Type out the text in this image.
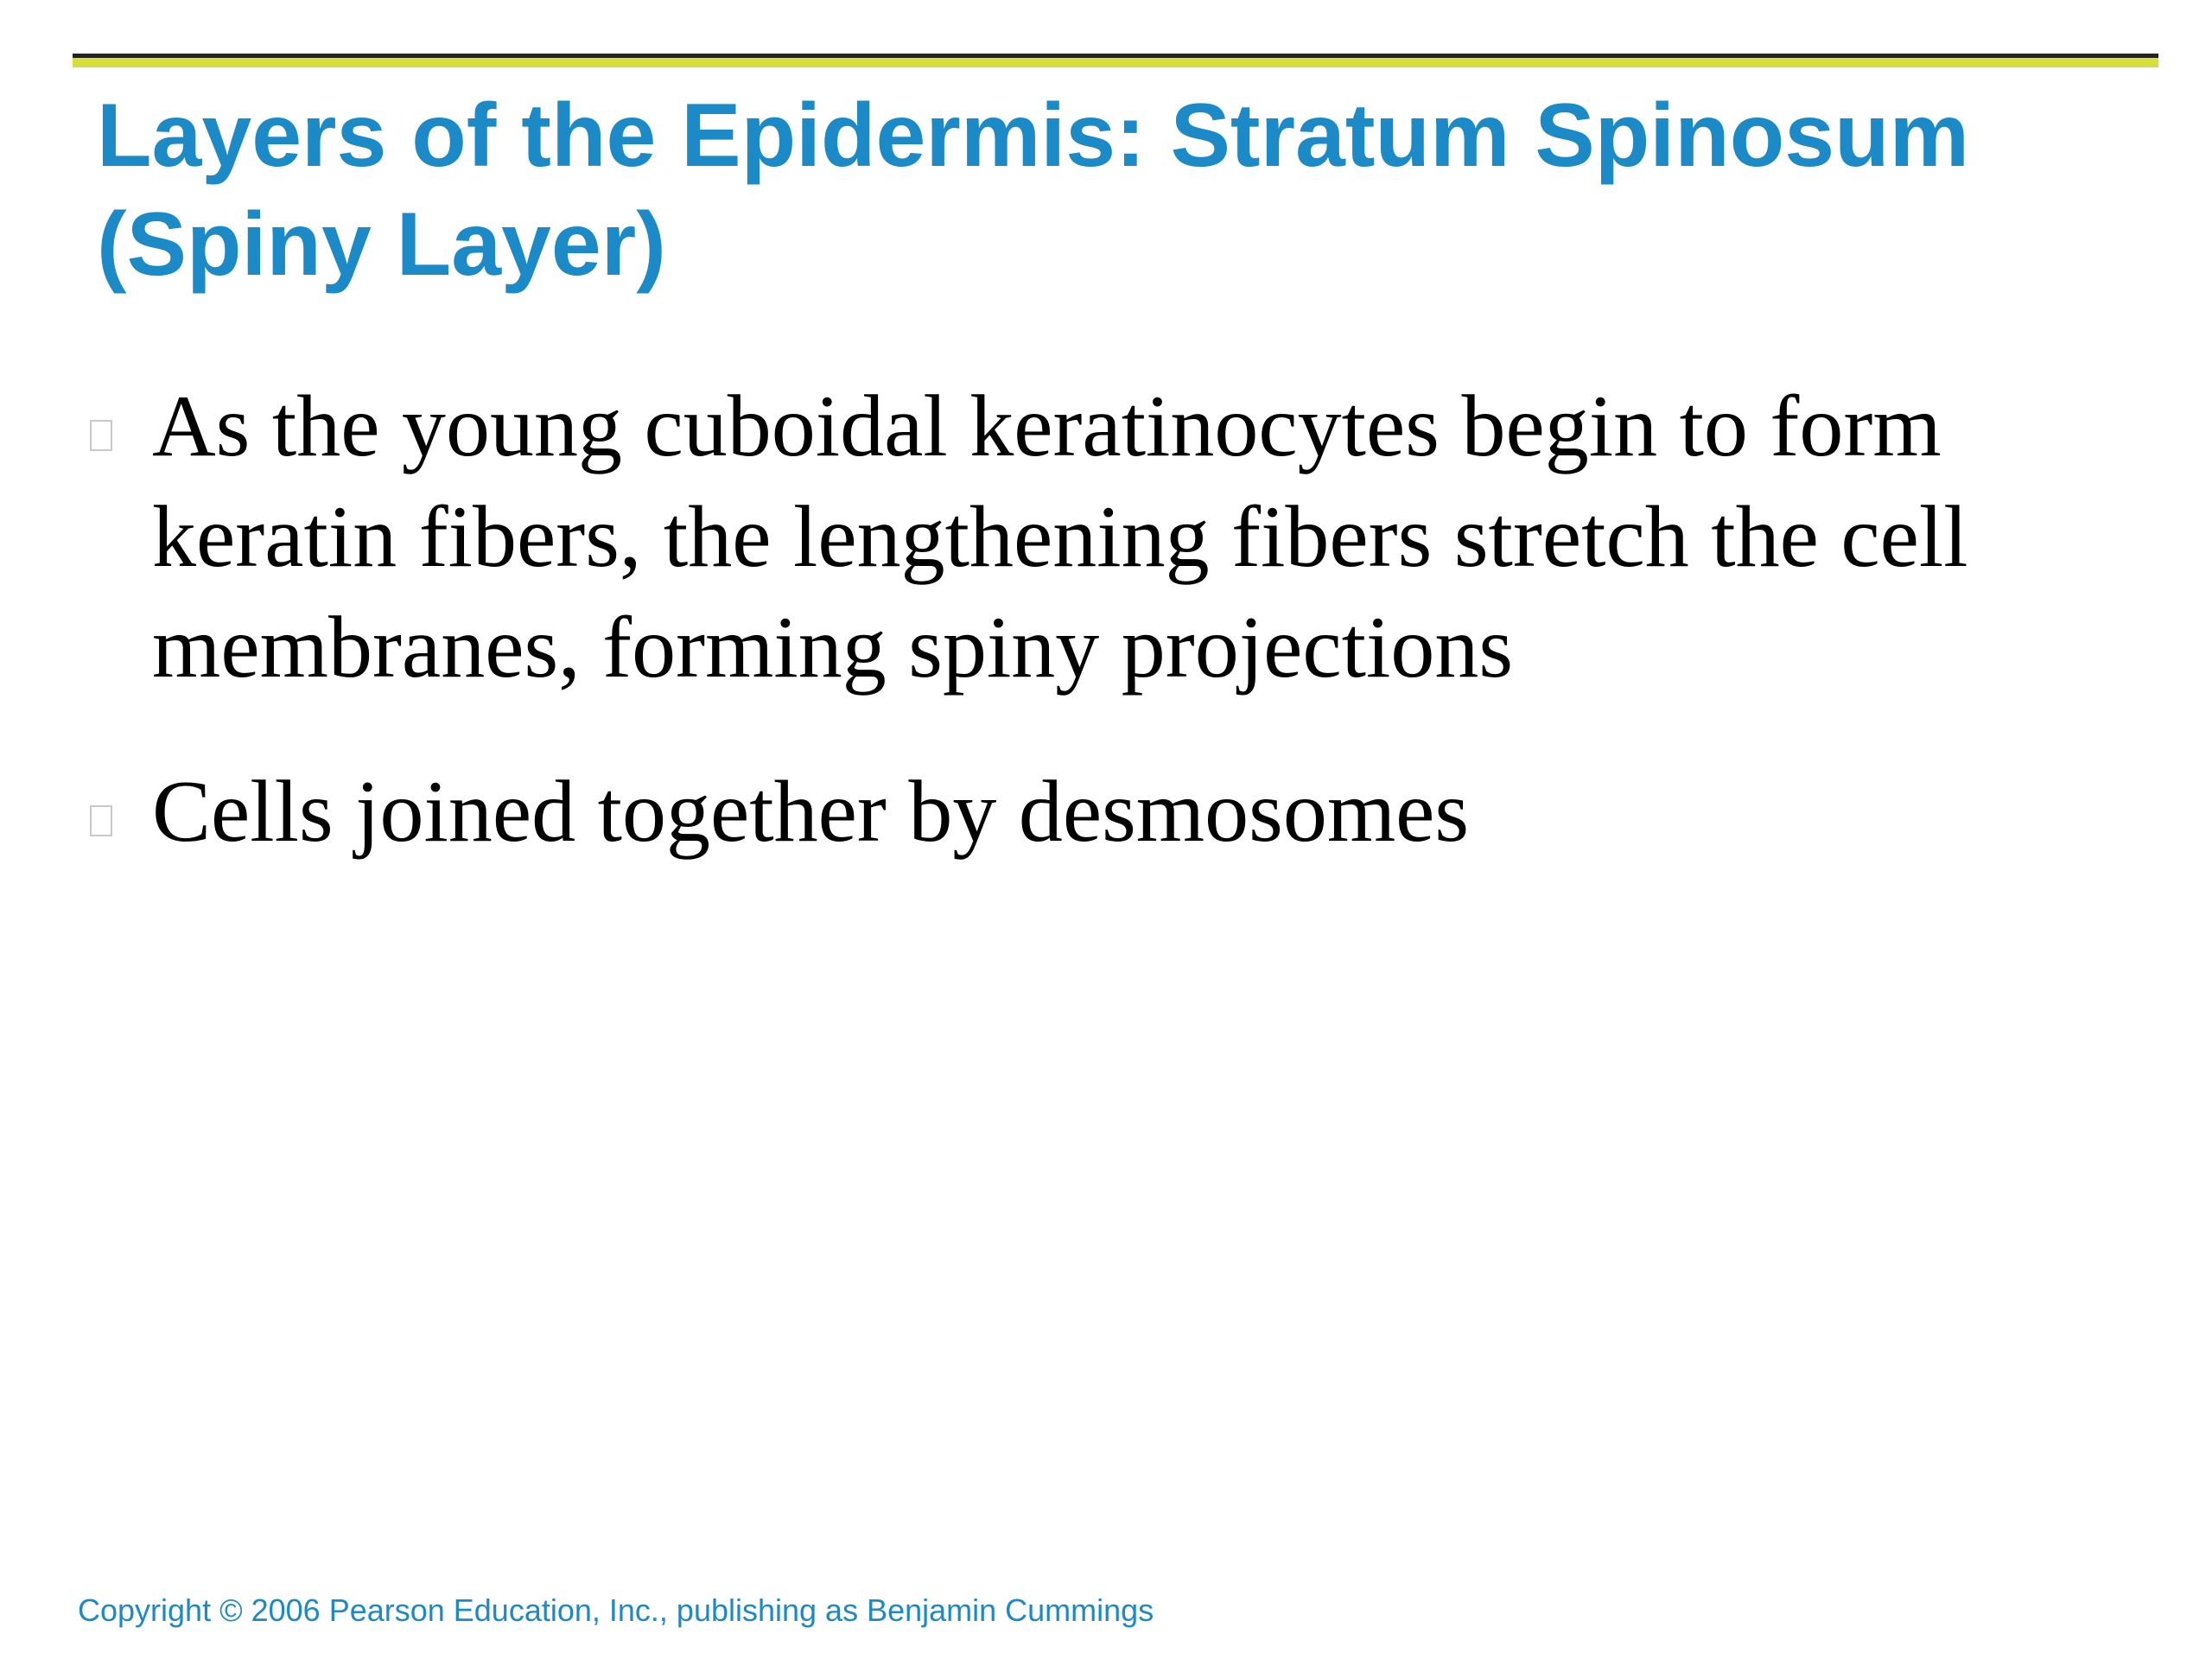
Layers of the Epidermis: Stratum Spinosum (Spiny Layer)
As the young cuboidal keratinocytes begin to form keratin fibers, the lengthening fibers stretch the cell membranes, forming spiny projections
Cells joined together by desmosomes

Copyright © 2006 Pearson Education, Inc., publishing as Benjamin Cummings
